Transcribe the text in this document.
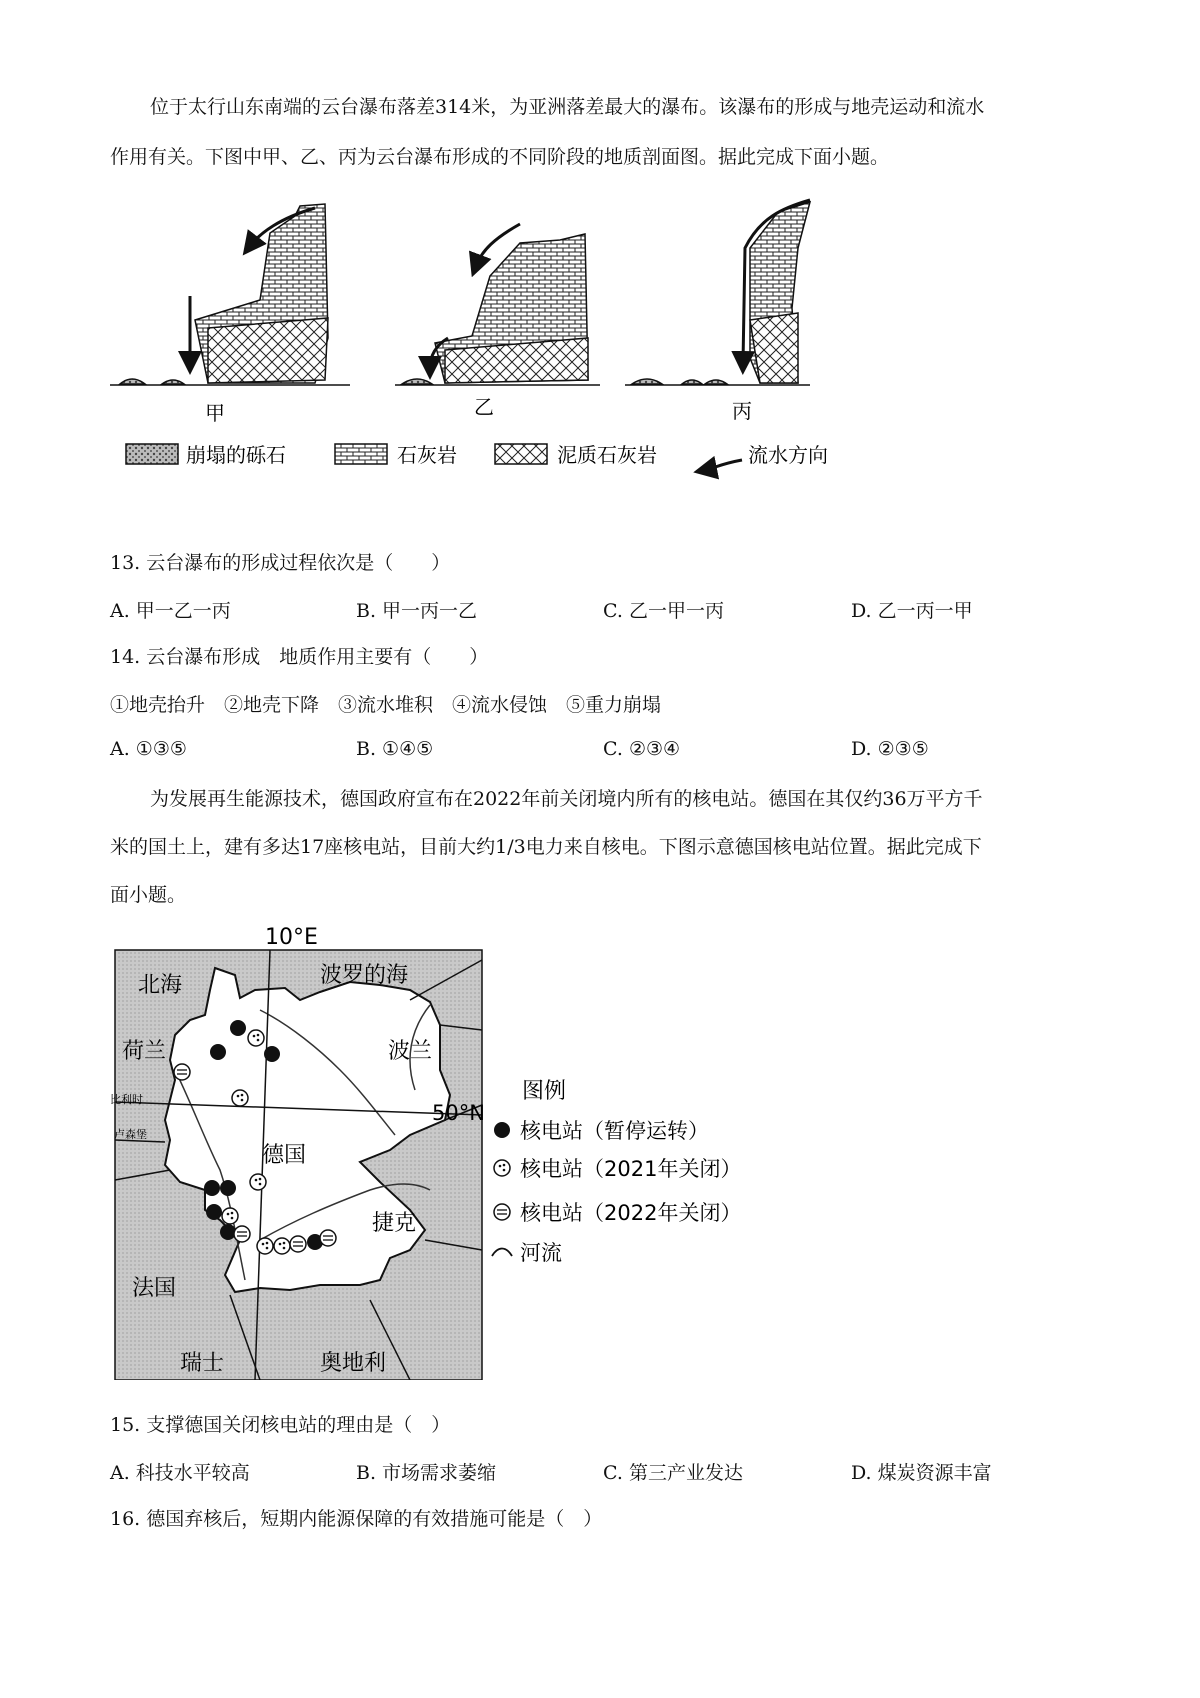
位于太行山东南端的云台瀑布落差314米，为亚洲落差最大的瀑布。该瀑布的形成与地壳运动和流水

作用有关。下图中甲、乙、丙为云台瀑布形成的不同阶段的地质剖面图。据此完成下面小题。

甲	乙	丙
崩塌的砾石	石灰岩	泥质石灰岩	流水方向

13. 云台瀑布的形成过程依次是（　　）

A. 甲一乙一丙	B. 甲一丙一乙	C. 乙一甲一丙	D. 乙一丙一甲

14. 云台瀑布形成　地质作用主要有（　　）

①地壳抬升　②地壳下降　③流水堆积　④流水侵蚀　⑤重力崩塌

A. ①③⑤	B. ①④⑤	C. ②③④	D. ②③⑤

为发展再生能源技术，德国政府宣布在2022年前关闭境内所有的核电站。德国在其仅约36万平方千

米的国土上，建有多达17座核电站，目前大约1/3电力来自核电。下图示意德国核电站位置。据此完成下

面小题。

10°E
50°N
北海	波罗的海
荷兰	波兰
德国
比利时
卢森堡
捷克
法国
瑞士	奥地利
图例
核电站（暂停运转）
核电站（2021年关闭）
核电站（2022年关闭）
河流

15. 支撑德国关闭核电站的理由是（　）

A. 科技水平较高	B. 市场需求萎缩	C. 第三产业发达	D. 煤炭资源丰富

16. 德国弃核后，短期内能源保障的有效措施可能是（　）
